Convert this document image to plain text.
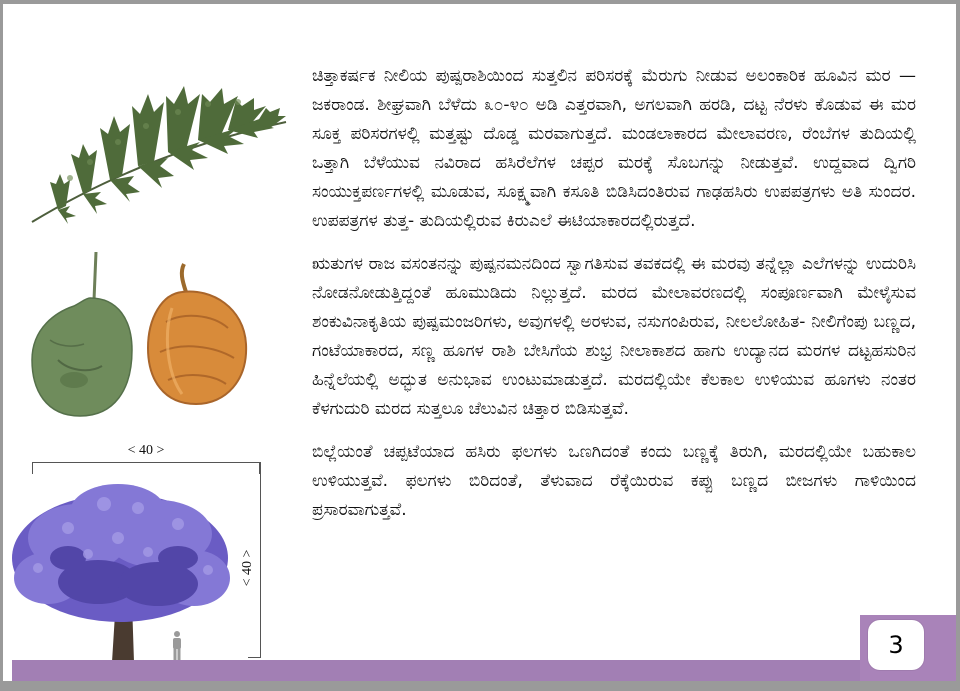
< 40 >
< 40 >

ಚಿತ್ತಾಕರ್ಷಕ ನೀಲಿಯ ಪುಷ್ಪರಾಶಿಯಿಂದ ಸುತ್ತಲಿನ ಪರಿಸರಕ್ಕೆ ಮೆರುಗು ನೀಡುವ ಅಲಂಕಾರಿಕ ಹೂವಿನ ಮರ — ಜಕರಾಂಡ. ಶೀಘ್ರವಾಗಿ ಬೆಳೆದು ೩೦-೪೦ ಅಡಿ ಎತ್ತರವಾಗಿ, ಅಗಲವಾಗಿ ಹರಡಿ, ದಟ್ಟ ನೆರಳು ಕೊಡುವ ಈ ಮರ ಸೂಕ್ತ ಪರಿಸರಗಳಲ್ಲಿ ಮತ್ತಷ್ಟು ದೊಡ್ಡ ಮರವಾಗುತ್ತದೆ. ಮಂಡಲಾಕಾರದ ಮೇಲಾವರಣ, ರೆಂಬೆಗಳ ತುದಿಯಲ್ಲಿ ಒತ್ತಾಗಿ ಬೆಳೆಯುವ ನವಿರಾದ ಹಸಿರೆಲೆಗಳ ಚಪ್ಪರ ಮರಕ್ಕೆ ಸೊಬಗನ್ನು ನೀಡುತ್ತವೆ. ಉದ್ದವಾದ ದ್ವಿಗರಿ ಸಂಯುಕ್ತಪರ್ಣಗಳಲ್ಲಿ ಮೂಡುವ, ಸೂಕ್ಷ್ಮವಾಗಿ ಕಸೂತಿ ಬಿಡಿಸಿದಂತಿರುವ ಗಾಢಹಸಿರು ಉಪಪತ್ರಗಳು ಅತಿ ಸುಂದರ. ಉಪಪತ್ರಗಳ ತುತ್ತ- ತುದಿಯಲ್ಲಿರುವ ಕಿರುಎಲೆ ಈಟಿಯಾಕಾರದಲ್ಲಿರುತ್ತದೆ.

ಋತುಗಳ ರಾಜ ವಸಂತನನ್ನು ಪುಷ್ಪನಮನದಿಂದ ಸ್ವಾಗತಿಸುವ ತವಕದಲ್ಲಿ ಈ ಮರವು ತನ್ನೆಲ್ಲಾ ಎಲೆಗಳನ್ನು ಉದುರಿಸಿ ನೋಡನೋಡುತ್ತಿದ್ದಂತೆ ಹೂಮುಡಿದು ನಿಲ್ಲುತ್ತದೆ. ಮರದ ಮೇಲಾವರಣದಲ್ಲಿ ಸಂಪೂರ್ಣವಾಗಿ ಮೇಳೈಸುವ ಶಂಕುವಿನಾಕೃತಿಯ ಪುಷ್ಪಮಂಜರಿಗಳು, ಅವುಗಳಲ್ಲಿ ಅರಳುವ, ನಸುಗಂಪಿರುವ, ನೀಲಲೋಹಿತ- ನೀಲಿಗೆಂಪು ಬಣ್ಣದ, ಗಂಟೆಯಾಕಾರದ, ಸಣ್ಣ ಹೂಗಳ ರಾಶಿ ಬೇಸಿಗೆಯ ಶುಭ್ರ ನೀಲಾಕಾಶದ ಹಾಗು ಉದ್ಯಾನದ ಮರಗಳ ದಟ್ಟಹಸುರಿನ ಹಿನ್ನೆಲೆಯಲ್ಲಿ ಅದ್ಭುತ ಅನುಭಾವ ಉಂಟುಮಾಡುತ್ತದೆ. ಮರದಲ್ಲಿಯೇ ಕೆಲಕಾಲ ಉಳಿಯುವ ಹೂಗಳು ನಂತರ ಕೆಳಗುದುರಿ ಮರದ ಸುತ್ತಲೂ ಚೆಲುವಿನ ಚಿತ್ತಾರ ಬಿಡಿಸುತ್ತವೆ.

ಬಿಲ್ಲೆಯಂತೆ ಚಪ್ಪಟೆಯಾದ ಹಸಿರು ಫಲಗಳು ಒಣಗಿದಂತೆ ಕಂದು ಬಣ್ಣಕ್ಕೆ ತಿರುಗಿ, ಮರದಲ್ಲಿಯೇ ಬಹುಕಾಲ ಉಳಿಯುತ್ತವೆ. ಫಲಗಳು ಬಿರಿದಂತೆ, ತೆಳುವಾದ ರೆಕ್ಕೆಯಿರುವ ಕಪ್ಪು ಬಣ್ಣದ ಬೀಜಗಳು ಗಾಳಿಯಿಂದ ಪ್ರಸಾರವಾಗುತ್ತವೆ.

3
